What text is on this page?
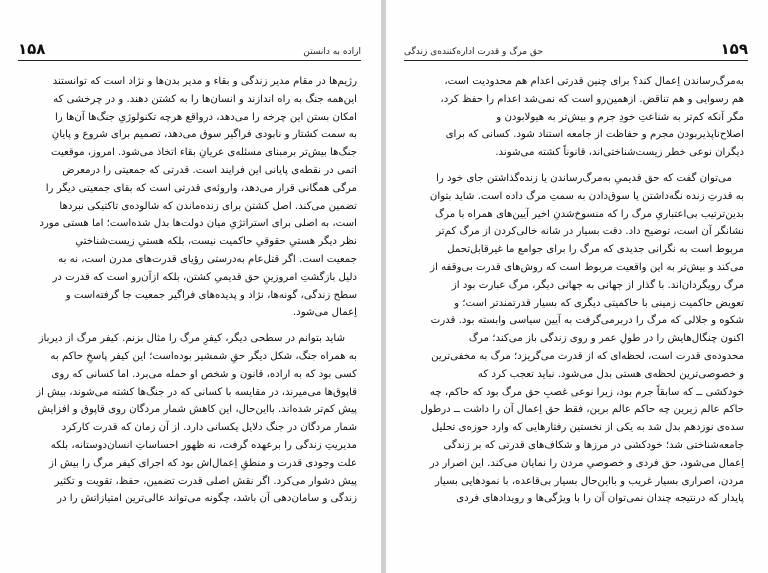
۱۵۸	اراده به دانستن
رژیم‌ها در مقام مدیر زندگی و بقاء و مدیر بدن‌ها و نژاد است که توانستند
این‌همه جنگ به راه اندازند و انسان‌ها را به کشتن دهند. و در چرخشی که
امکان بستن این چرخه را می‌دهد، درواقع هرچه تکنولوژیِ جنگ‌ها آن‌ها را
به سمت کشتار و نابودی فراگیر سوق می‌دهد، تصمیم برای شروع و پایانِ
جنگ‌ها بیش‌تر برمبنای مسئله‌ی عریانِ بقاء اتخاذ می‌شود. امروز، موقعیت
اتمی در نقطه‌ی پایانی این فرایند است. قدرتی که جمعیتی را درمعرض
مرگی همگانی قرار می‌دهد، واروئه‌ی قدرتی است که بقای جمعیتی دیگر را
تضمین می‌کند. اصل کشتن برای زنده‌ماندن که شالوده‌ی تاکتیکی نبردها
است، به اصلی برای استراتژیِ میان دولت‌ها بدل شده‌است؛ اما هستی مورد
نظر دیگر هستیِ حقوقیِ حاکمیت نیست، بلکه هستیِ زیست‌شناختیِ
جمعیت است. اگر قتل‌عام به‌درستی رؤیای قدرت‌های مدرن است، نه به
دلیل بازگشتِ امروزینِ حق قدیمیِ کشتن، بلکه ازآن‌رو است که قدرت در
سطح زندگی، گونه‌ها، نژاد و پدیده‌های فراگیر جمعیت جا گرفته‌است و
اِعمال می‌شود.
شاید بتوانم در سطحی دیگر، کیفرِ مرگ را مثال بزنم. کیفر مرگ از دیرباز
به همراه جنگ، شکل دیگر حقِ شمشیر بوده‌است؛ این کیفر پاسخِ حاکم به
کسی بود که به اراده، قانون و شخص او حمله می‌برد. اما کسانی که روی
قاپوق‌ها می‌میرند، در مقایسه با کسانی که در جنگ‌ها کشته می‌شوند، بیش از
پیش کم‌تر شده‌اند. بااین‌حال، این کاهش شمار مردگان روی قاپوق و افزایش
شمار مردگان در جنگ دلایل یکسانی دارد. از آن زمان که قدرت کارکرد
مدیریتِ زندگی را برعهده گرفت، نه ظهور احساساتِ انسان‌دوستانه، بلکه
علت وجودی قدرت و منطقِ اِعمال‌اش بود که اجرای کیفر مرگ را بیش از
پیش دشوار می‌کرد. اگر نقش اصلی قدرت تضمین، حفظ، تقویت و تکثیر
زندگی و سامان‌دهی آن باشد، چگونه می‌تواند عالی‌ترین امتیازاتش را در
حق مرگ و قدرت اداره‌کننده‌ی زندگی	۱۵۹
به‌مرگ‌رساندن اِعمال کند؟ برای چنین قدرتی اعدام هم محدودیت است،
هم رسوایی و هم تناقض. ازهمین‌رو است که نمی‌شد اعدام را حفظ کرد،
مگر آنکه کم‌تر به شناعتِ خودِ جرم و بیش‌تر به هیولابودن و
اصلاح‌ناپذیربودن مجرم و حفاظت از جامعه استناد شود. کسانی که برای
دیگران نوعی خطر زیست‌شناختی‌اند، قانوناً کشته می‌شوند.
می‌توان گفت که حق قدیمیِ به‌مرگ‌رساندن یا زنده‌گذاشتن جای خود را
به قدرتِ زنده نگه‌داشتن یا سوق‌دادن به سمتِ مرگ داده است. شاید بتوان
بدین‌ترتیب بی‌اعتباریِ مرگ را که منسوخ‌شدنِ اخیر آیین‌های همراه با مرگ
نشانگر آن است، توضیح داد. دقت بسیار در شانه خالی‌کردن از مرگ کم‌تر
مربوط است به نگرانی جدیدی که مرگ را برای جوامع ما غیرقابل‌تحمل
می‌کند و بیش‌تر به این واقعیت مربوط است که روش‌های قدرت بی‌وقفه از
مرگ رویگردان‌اند. با گذار از جهانی به جهانی دیگر، مرگ عبارت بود از
تعویض حاکمیت زمینی با حاکمیتی دیگری که بسیار قدرتمندتر است؛ و
شکوه و جلالی که مرگ را دربرمی‌گرفت به آیین سیاسی وابسته بود. قدرت
اکنون چنگال‌هایش را در طولِ عمر و روی زندگی باز می‌کند؛ مرگ
محدوده‌ی قدرت است، لحظه‌ای که از قدرت می‌گریزد؛ مرگ به مخفی‌ترین
و خصوصی‌ترین لحظه‌ی هستی بدل می‌شود. نباید تعجب کرد که
خودکشی ــ که سابقاً جرم بود، زیرا نوعی غصبِ حق مرگ بود که حاکم، چه
حاکم عالم زیرین چه حاکم عالم برین، فقط حق اِعمال آن را داشت ــ درطول
سده‌ی نوزدهم بدل شد به یکی از نخستین رفتارهایی که وارد حوزه‌ی تحلیل
جامعه‌شناختی شد؛ خودکشی در مرزها و شکاف‌های قدرتی که بر زندگی
اِعمال می‌شود، حق فردی و خصوصیِ مردن را نمایان می‌کند. این اصرار در
مردن، اصراری بسیار غریب و بااین‌حال بسیار بی‌قاعده، با نمودهایی بسیار
پایدار که درنتیجه چندان نمی‌توان آن را با ویژگی‌ها و رویدادهای فردی
